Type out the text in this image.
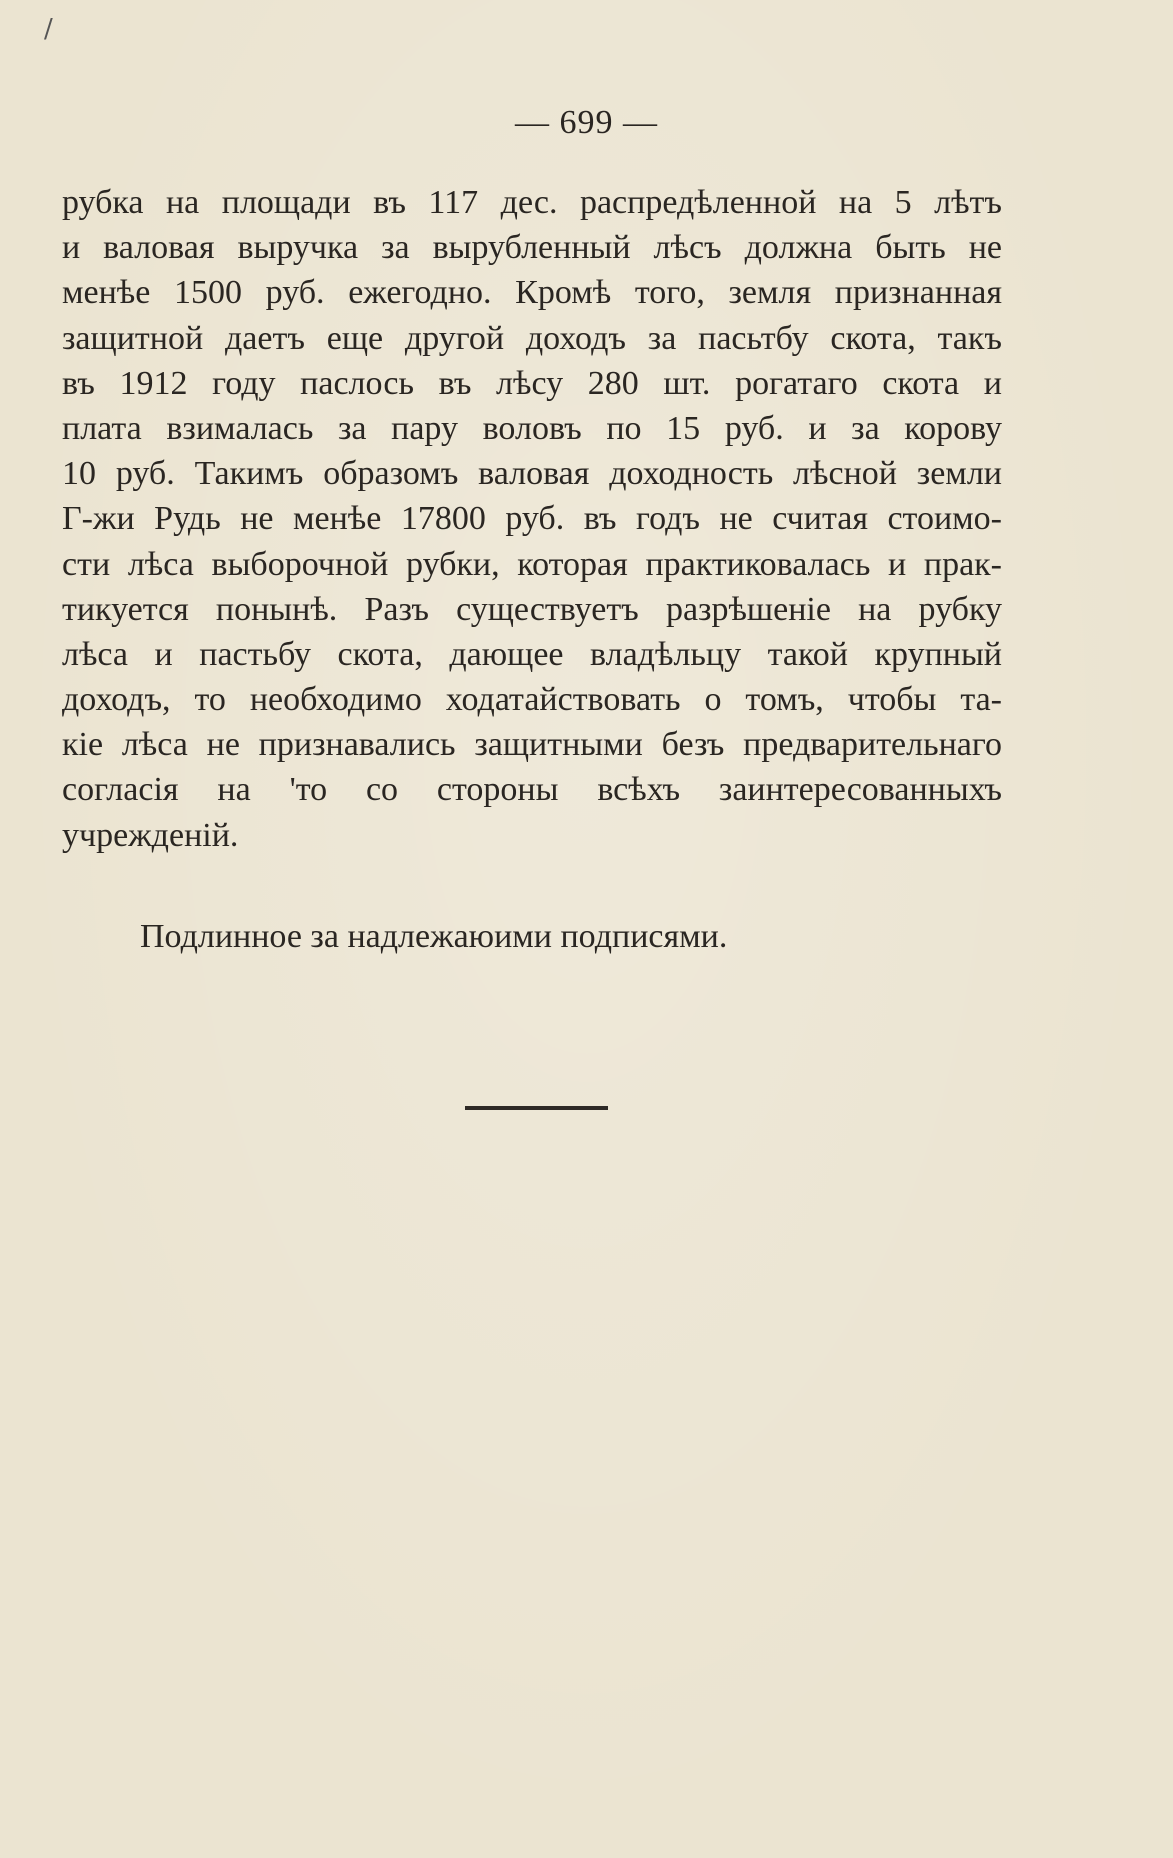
/
— 699 —
рубка на площади въ 117 дес. распредѣленной на 5 лѣтъ
и валовая выручка за вырубленный лѣсъ должна быть не
менѣе 1500 руб. ежегодно. Кромѣ того, земля признанная
защитной даетъ еще другой доходъ за пасьтбу скота, такъ
въ 1912 году паслось въ лѣсу 280 шт. рогатаго скота и
плата взималась за пару воловъ по 15 руб. и за корову
10 руб. Такимъ образомъ валовая доходность лѣсной земли
Г-жи Рудь не менѣе 17800 руб. въ годъ не считая стоимо-
сти лѣса выборочной рубки, которая практиковалась и прак-
тикуется понынѣ. Разъ существуетъ разрѣшеніе на рубку
лѣса и пастьбу скота, дающее владѣльцу такой крупный
доходъ, то необходимо ходатайствовать о томъ, чтобы та-
кіе лѣса не признавались защитными безъ предварительнаго
согласія на 'то со стороны всѣхъ заинтересованныхъ
учрежденій.
Подлинное за надлежаюими подписями.
